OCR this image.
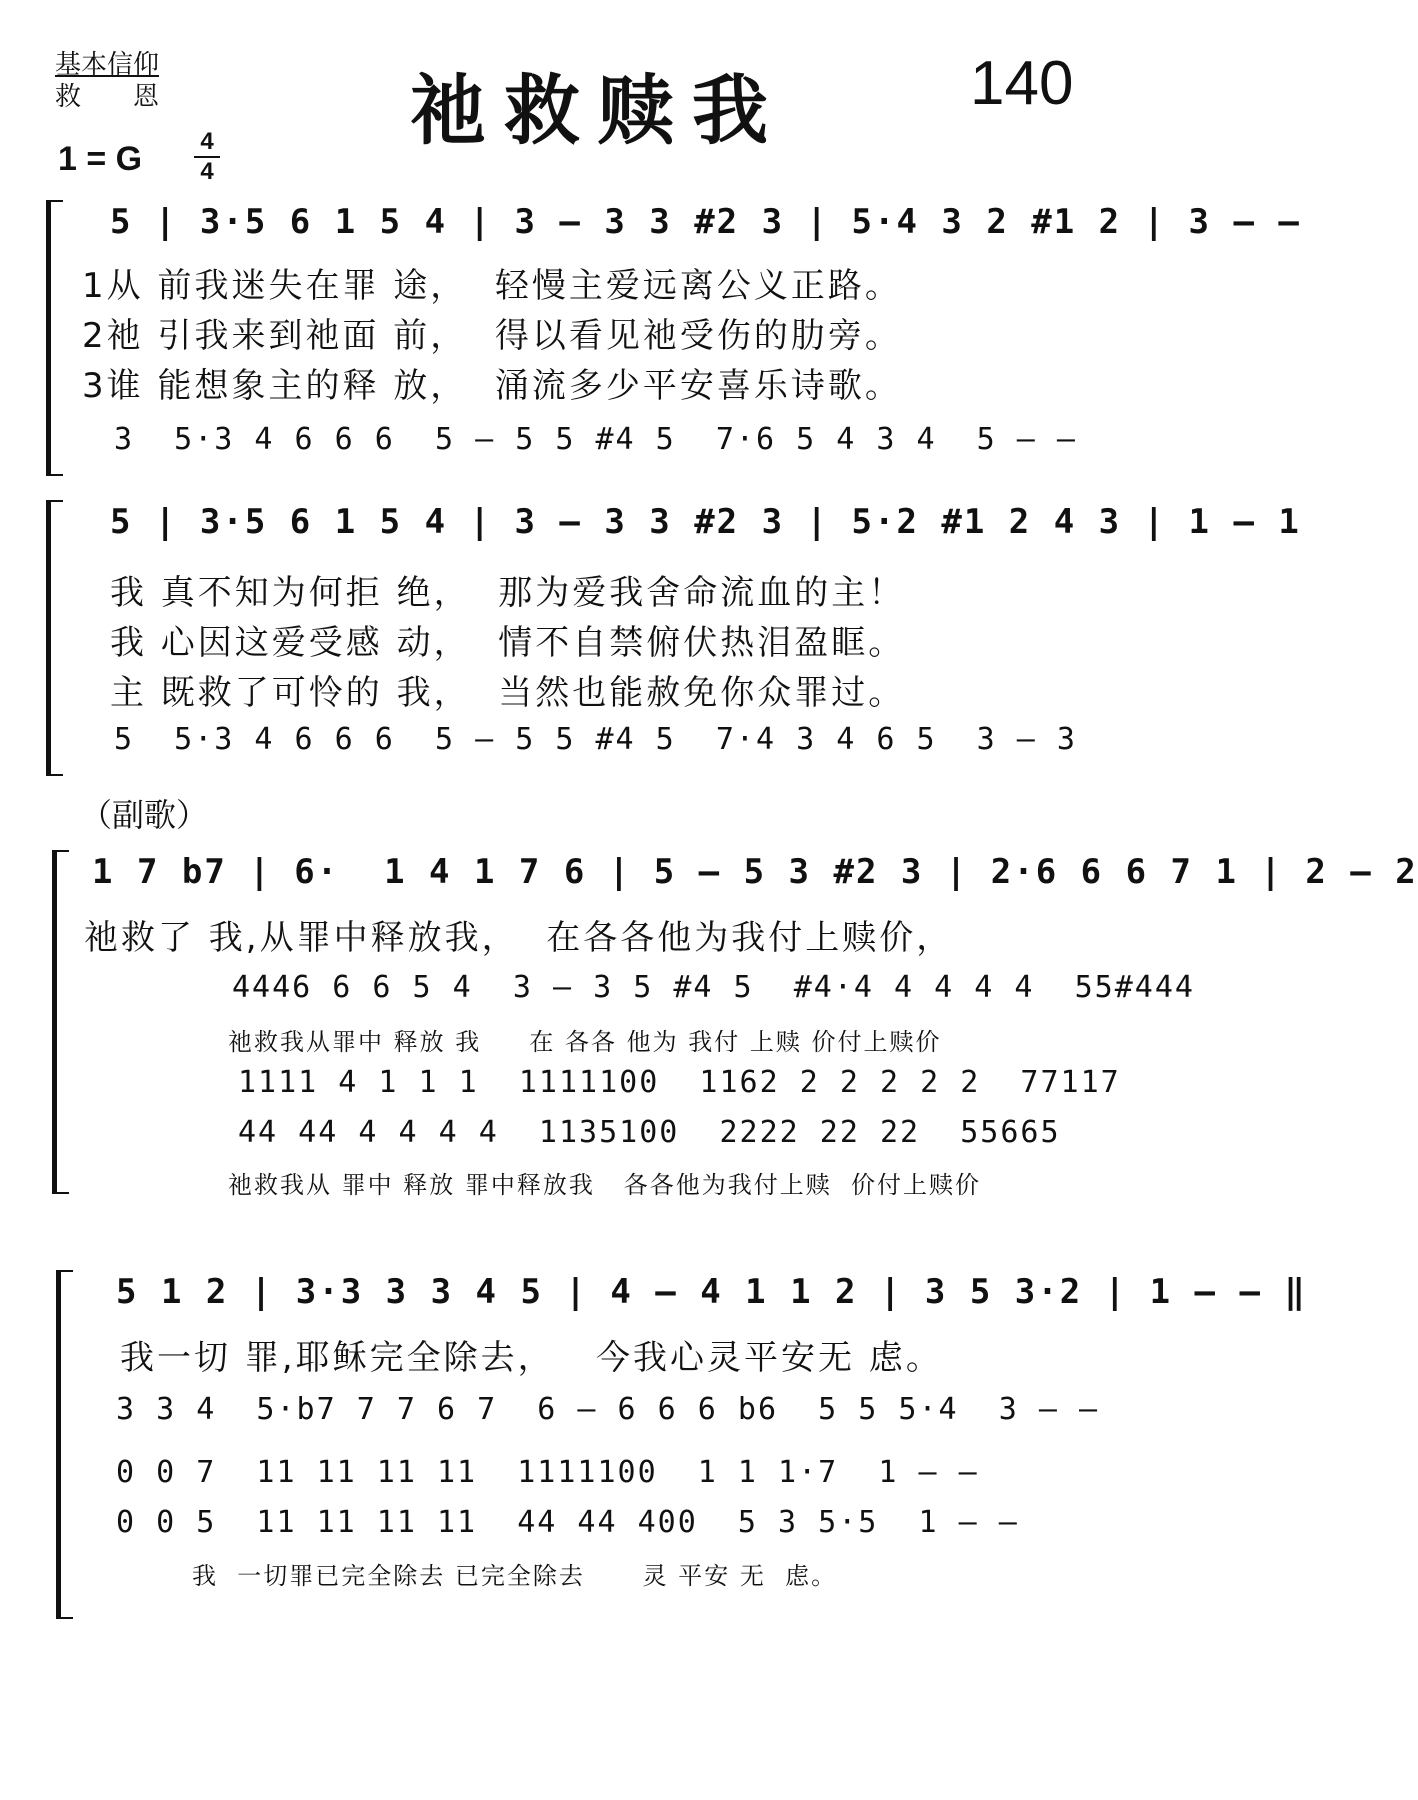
基本信仰
救　　恩	祂救赎我	140
1 = G 4
4
5 ∣ 3·5 6 1 5 4 ∣ 3 – 3 3 #2 3 ∣ 5·4 3 2 #1 2 ∣ 3 – –
1从 前我迷失在罪 途，  轻慢主爱远离公义正路。
2祂 引我来到祂面 前，  得以看见祂受伤的肋旁。
3谁 能想象主的释 放，  涌流多少平安喜乐诗歌。
3  5·3 4 6 6 6  5 – 5 5 #4 5  7·6 5 4 3 4  5 – –
5 ∣ 3·5 6 1 5 4 ∣ 3 – 3 3 #2 3 ∣ 5·2 #1 2 4 3 ∣ 1 – 1
我 真不知为何拒 绝，  那为爱我舍命流血的主！
我 心因这爱受感 动，  情不自禁俯伏热泪盈眶。
主 既救了可怜的 我，  当然也能赦免你众罪过。
5  5·3 4 6 6 6  5 – 5 5 #4 5  7·4 3 4 6 5  3 – 3
（副歌）
1 7 b7 ∣ 6·  1 4 1 7 6 ∣ 5 – 5 3 #2 3 ∣ 2·6 6 6 7 1 ∣ 2 – 2
祂救了 我,从罪中释放我，  在各各他为我付上赎价，
4446 6 6 5 4  3 – 3 5 #4 5  #4·4 4 4 4 4  55#444
祂救我从罪中 释放 我     在 各各 他为 我付 上赎 价付上赎价
1111 4 1 1 1  1111100  1162 2 2 2 2 2  77117
44 44 4 4 4 4  1135100  2222 22 22  55665
祂救我从 罪中 释放 罪中释放我   各各他为我付上赎  价付上赎价
5 1 2 ∣ 3·3 3 3 4 5 ∣ 4 – 4 1 1 2 ∣ 3 5 3·2 ∣ 1 – – ‖
我一切 罪,耶稣完全除去，   今我心灵平安无 虑。
3 3 4  5·b7 7 7 6 7  6 – 6 6 6 b6  5 5 5·4  3 – –
0 0 7  11 11 11 11  1111100  1 1 1·7  1 – –
0 0 5  11 11 11 11  44 44 400  5 3 5·5  1 – –
我  一切罪已完全除去 已完全除去      灵 平安 无  虑。
